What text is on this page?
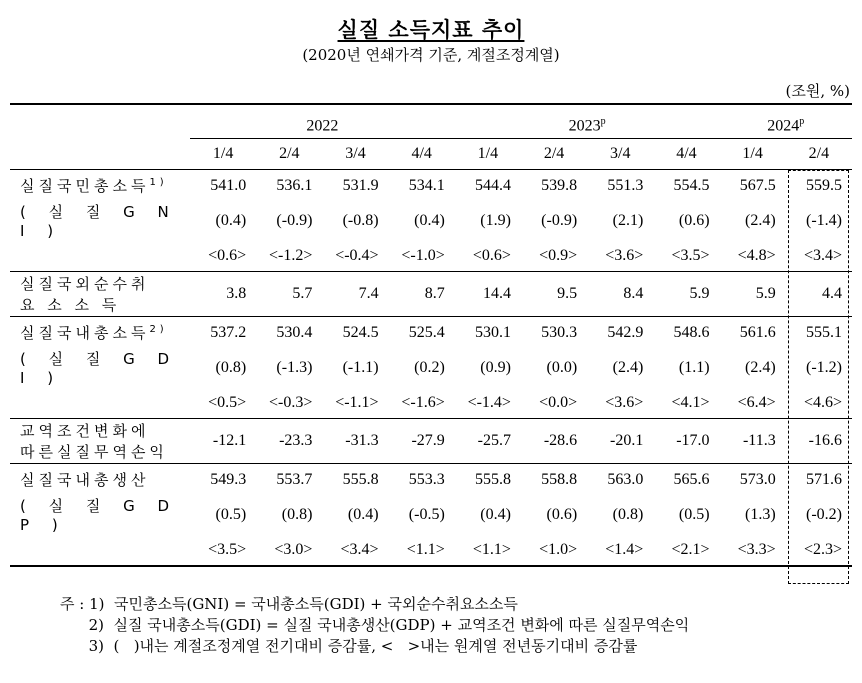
실질 소득지표 추이
(2020년 연쇄가격 기준, 계절조정계열)
(조원, %)
	2022				2023$^p$				2024$^p$
	1/4	2/4	3/4	4/4	1/4	2/4	3/4	4/4	1/4	2/4

실질국민총소득$^{1)}$	541.0	536.1	531.9	534.1	544.4	539.8	551.3	554.5	567.5	559.5

( 실 질 G N I )	(0.4)	(-0.9)	(-0.8)	(0.4)	(1.9)	(-0.9)	(2.1)	(0.6)	(2.4)	(-1.4)
	<0.6>	<-1.2>	<-0.4>	<-1.0>	<0.6>	<0.9>	<3.6>	<3.5>	<4.8>	<3.4>

실질국외순수취
요 소 소 득	3.8	5.7	7.4	8.7	14.4	9.5	8.4	5.9	5.9	4.4

실질국내총소득$^{2)}$	537.2	530.4	524.5	525.4	530.1	530.3	542.9	548.6	561.6	555.1

( 실 질 G D I )	(0.8)	(-1.3)	(-1.1)	(0.2)	(0.9)	(0.0)	(2.4)	(1.1)	(2.4)	(-1.2)
	<0.5>	<-0.3>	<-1.1>	<-1.6>	<-1.4>	<0.0>	<3.6>	<4.1>	<6.4>	<4.6>

교역조건변화에
따른실질무역손익	-12.1	-23.3	-31.3	-27.9	-25.7	-28.6	-20.1	-17.0	-11.3	-16.6

실질국내총생산	549.3	553.7	555.8	553.3	555.8	558.8	563.0	565.6	573.0	571.6

( 실 질 G D P )	(0.5)	(0.8)	(0.4)	(-0.5)	(0.4)	(0.6)	(0.8)	(0.5)	(1.3)	(-0.2)
	<3.5>	<3.0>	<3.4>	<1.1>	<1.1>	<1.0>	<1.4>	<2.1>	<3.3>	<2.3>
주 : 1)  국민총소득(GNI) = 국내총소득(GDI) + 국외순수취요소소득
2)  실질 국내총소득(GDI) = 실질 국내총생산(GDP) + 교역조건 변화에 따른 실질무역손익
3)  (   )내는 계절조정계열 전기대비 증감률, <   >내는 원계열 전년동기대비 증감률
